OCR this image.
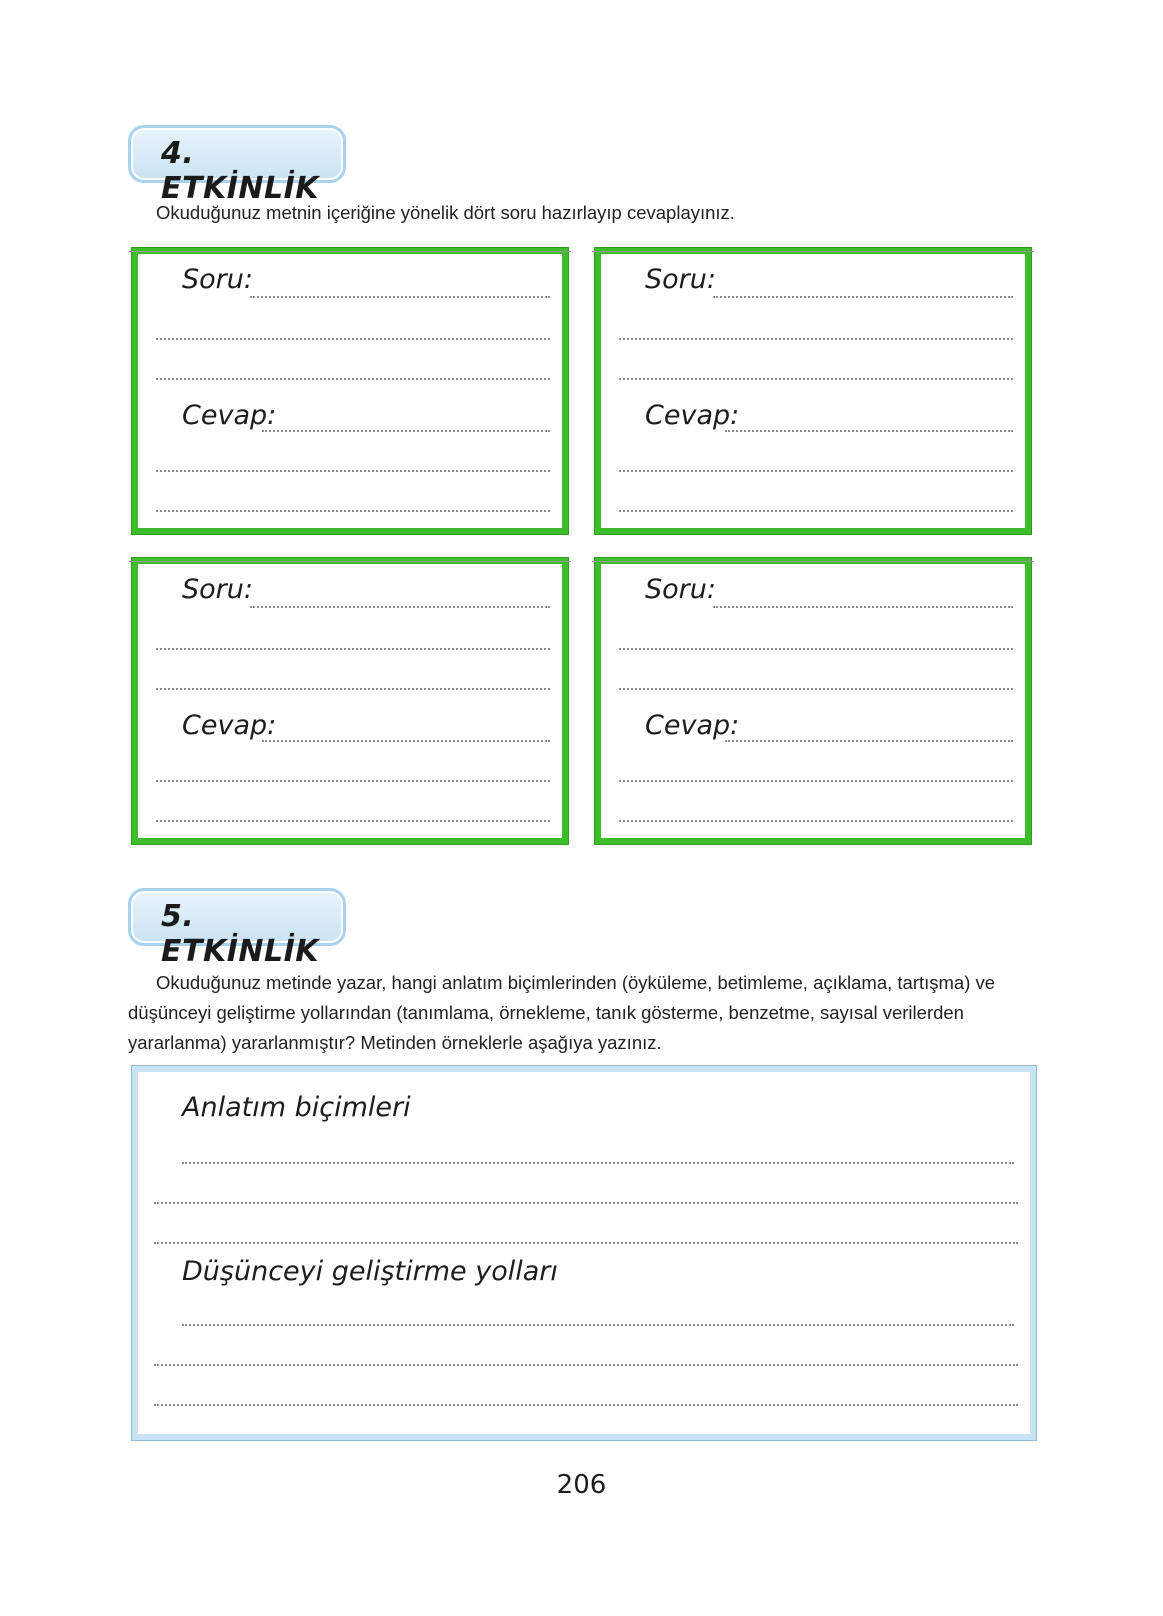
4. ETKİNLİK

Okuduğunuz metnin içeriğine yönelik dört soru hazırlayıp cevaplayınız.

Soru:
Cevap:
Soru:
Cevap:
Soru:
Cevap:
Soru:
Cevap:
5. ETKİNLİK

Okuduğunuz metinde yazar, hangi anlatım biçimlerinden (öyküleme, betimleme, açıklama, tartışma) ve düşünceyi geliştirme yollarından (tanımlama, örnekleme, tanık gösterme, benzetme, sayısal verilerden yararlanma) yararlanmıştır? Metinden örneklerle aşağıya yazınız.

Anlatım biçimleri
Düşünceyi geliştirme yolları
206
